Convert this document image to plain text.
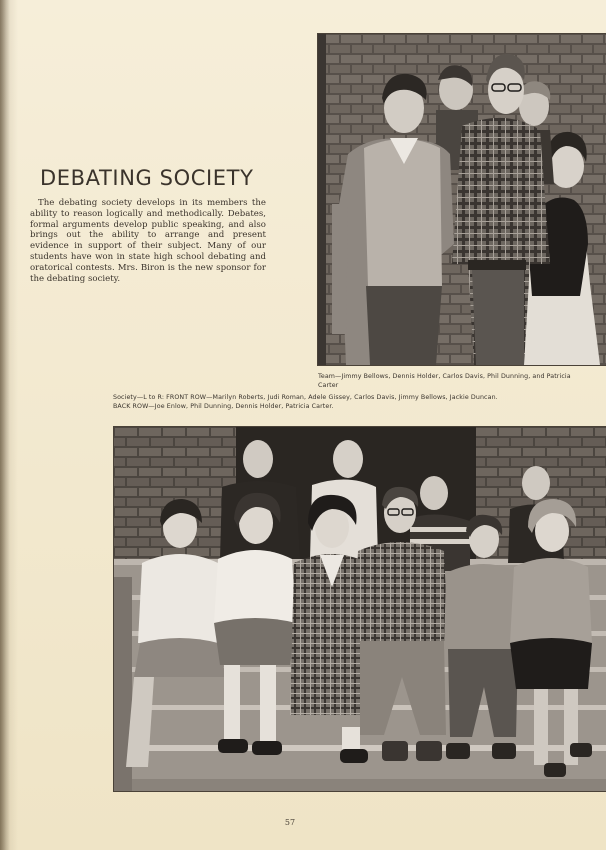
DEBATING SOCIETY

The debating society develops in its members the ability to reason logically and methodically. Debates, formal arguments develop public speaking, and also brings out the ability to arrange and present evidence in support of their subject. Many of our students have won in state high school debating and oratorical contests. Mrs. Biron is the new sponsor for the debating society.

Team—Jimmy Bellows, Dennis Holder, Carlos Davis, Phil Dunning, and Patricia Carter

Society—L to R: FRONT ROW—Marilyn Roberts, Judi Roman, Adele Gissey, Carlos Davis, Jimmy Bellows, Jackie Duncan.
BACK ROW—Joe Enlow, Phil Dunning, Dennis Holder, Patricia Carter.

57
